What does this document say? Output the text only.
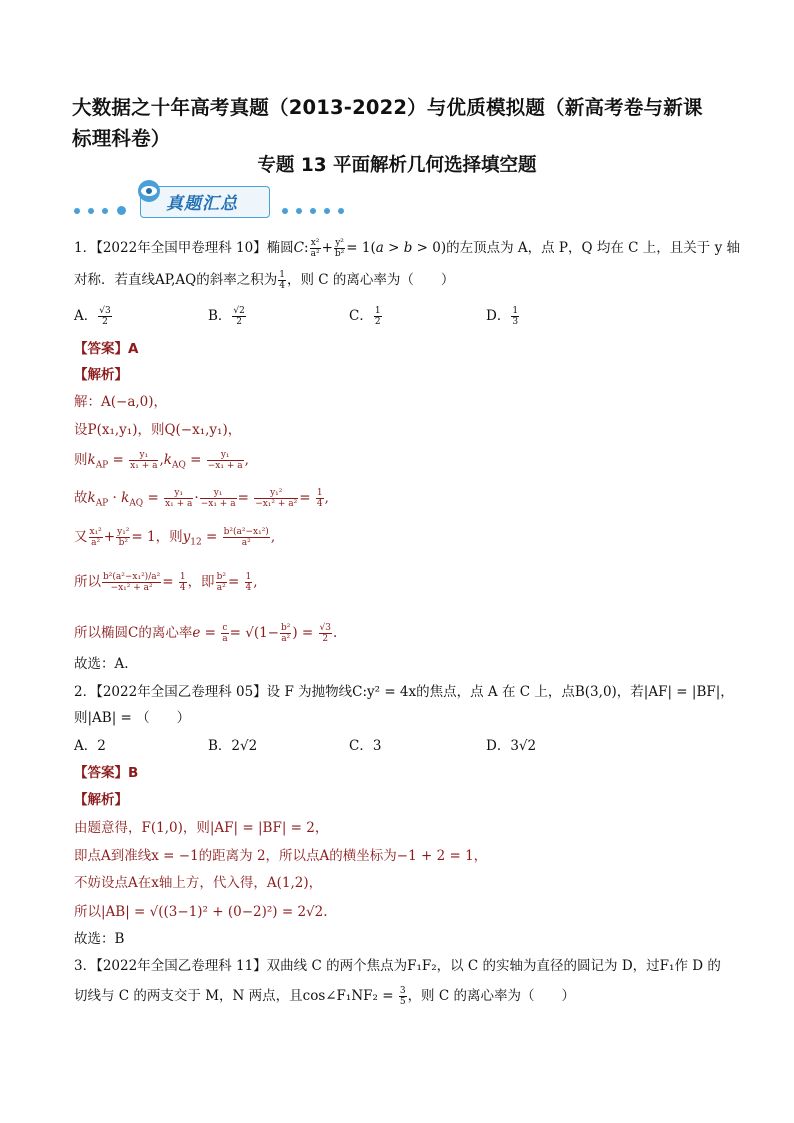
大数据之十年高考真题（2013-2022）与优质模拟题（新高考卷与新课
标理科卷）
专题 13 平面解析几何选择填空题
真题汇总
1．【2022年全国甲卷理科 10】椭圆C: $\frac{\text{x²}}{\text{a²}} + \frac{\text{y²}}{\text{b²}} = 1(a > b > 0)$的左顶点为 A，点 P，Q 均在 C 上，且关于 y 轴
对称．若直线AP,AQ的斜率之积为 $\frac{1}{4}$ ，则 C 的离心率为（　　）
A． $\frac{√3}{2}$	B． $\frac{√2}{2}$	C． $\frac{1}{2}$	D． $\frac{1}{3}$
【答案】A
【解析】
解：A(−a,0)，
设P(x₁,y₁)，则Q(−x₁,y₁)，
则$k_{AP} = \frac{\text{y₁}}{\text{x₁ + a}} ,k_{AQ} = \frac{\text{y₁}}{\text{−x₁ + a}}$ ,
故$k_{AP} \cdot k_{AQ} = \frac{\text{y₁}}{\text{x₁ + a}} \cdot \frac{\text{y₁}}{\text{−x₁ + a}} = \frac{\text{y₁²}}{\text{−x₁² + a²}} = \frac{1}{4}$ ,
又 $\frac{\text{x₁²}}{\text{a²}} + \frac{\text{y₁²}}{\text{b²}} = 1$，则$y_{12} = \frac{\text{b²(a²−x₁²)}}{\text{a²}}$ ,
所以 $\frac{\text{b²(a²−x₁²)/a²}}{\text{−x₁² + a²}} = \frac{1}{4}$ ，即 $\frac{\text{b²}}{\text{a²}} = \frac{1}{4}$ ,
所以椭圆C的离心率$e = \frac{c}{a} = √(1- \frac{\text{b²}}{\text{a²}}$ ) = $\frac{√3}{2}$ .
故选：A.
2．【2022年全国乙卷理科 05】设 F 为抛物线C:y² = 4x的焦点，点 A 在 C 上，点B(3,0)，若|AF| = |BF|，
则|AB| = （　　）
A．2	B．2√2	C．3	D．3√2
【答案】B
【解析】
由题意得，F(1,0)，则|AF| = |BF| = 2，
即点A到准线x = −1的距离为 2，所以点A的横坐标为−1 + 2 = 1，
不妨设点A在x轴上方，代入得，A(1,2)，
所以|AB| = √((3−1)² + (0−2)²) = 2√2.
故选：B
3．【2022年全国乙卷理科 11】双曲线 C 的两个焦点为F₁F₂，以 C 的实轴为直径的圆记为 D，过F₁作 D 的
切线与 C 的两支交于 M，N 两点，且cos∠F₁NF₂ = $\frac{3}{5}$ ，则 C 的离心率为（　　）
